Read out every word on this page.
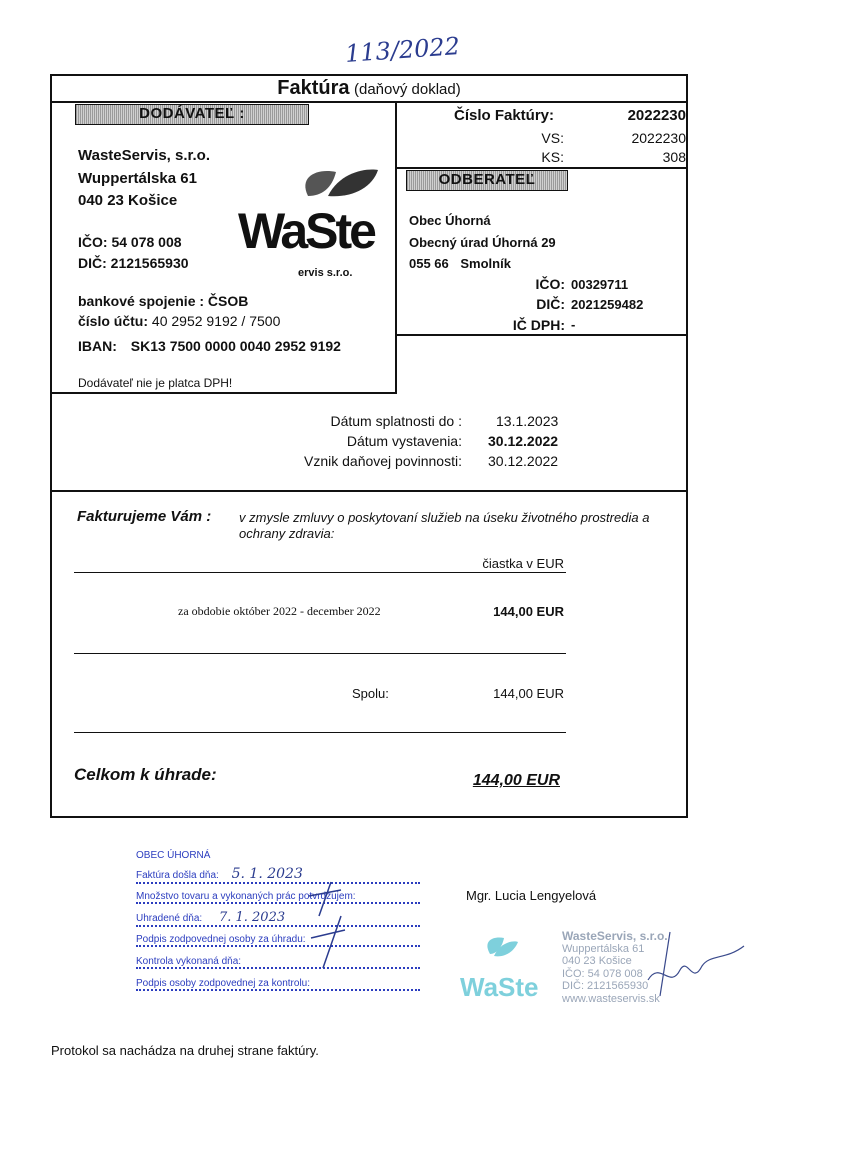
113/2022
Faktúra (daňový doklad)
DODÁVATEĽ :
WasteServis, s.r.o.
Wuppertálska 61
040 23 Košice
IČO: 54 078 008
DIČ: 2121565930
bankové spojenie : ČSOB
číslo účtu: 40 2952 9192 / 7500
IBAN: SK13 7500 0000 0040 2952 9192
Dodávateľ nie je platca DPH!
WaSte
ervis s.r.o.
Číslo Faktúry:	2022230
VS:	2022230
KS:	308
ODBERATEĽ
Obec Úhorná
Obecný úrad Úhorná 29
055 66 Smolník
IČO: 00329711
DIČ: 2021259482
IČ DPH: -
Dátum splatnosti do : 13.1.2023
Dátum vystavenia: 30.12.2022
Vznik daňovej povinnosti: 30.12.2022
Fakturujeme Vám : v zmysle zmluvy o poskytovaní služieb na úseku životného prostredia a ochrany zdravia:
čiastka v EUR
za obdobie október 2022 - december 2022	144,00 EUR
Spolu:	144,00 EUR
Celkom k úhrade:	144,00 EUR
OBEC ÚHORNÁ
Faktúra došla dňa: 5. 1. 2023
Množstvo tovaru a vykonaných prác potvrdzujem:
Uhradené dňa: 7. 1. 2023
Podpis zodpovednej osoby za úhradu:
Kontrola vykonaná dňa:
Podpis osoby zodpovednej za kontrolu:
Mgr. Lucia Lengyelová
WaSte
WasteServis, s.r.o.
Wuppertálska 61
040 23 Košice
IČO: 54 078 008
DIČ: 2121565930
www.wasteservis.sk
Protokol sa nachádza na druhej strane faktúry.
